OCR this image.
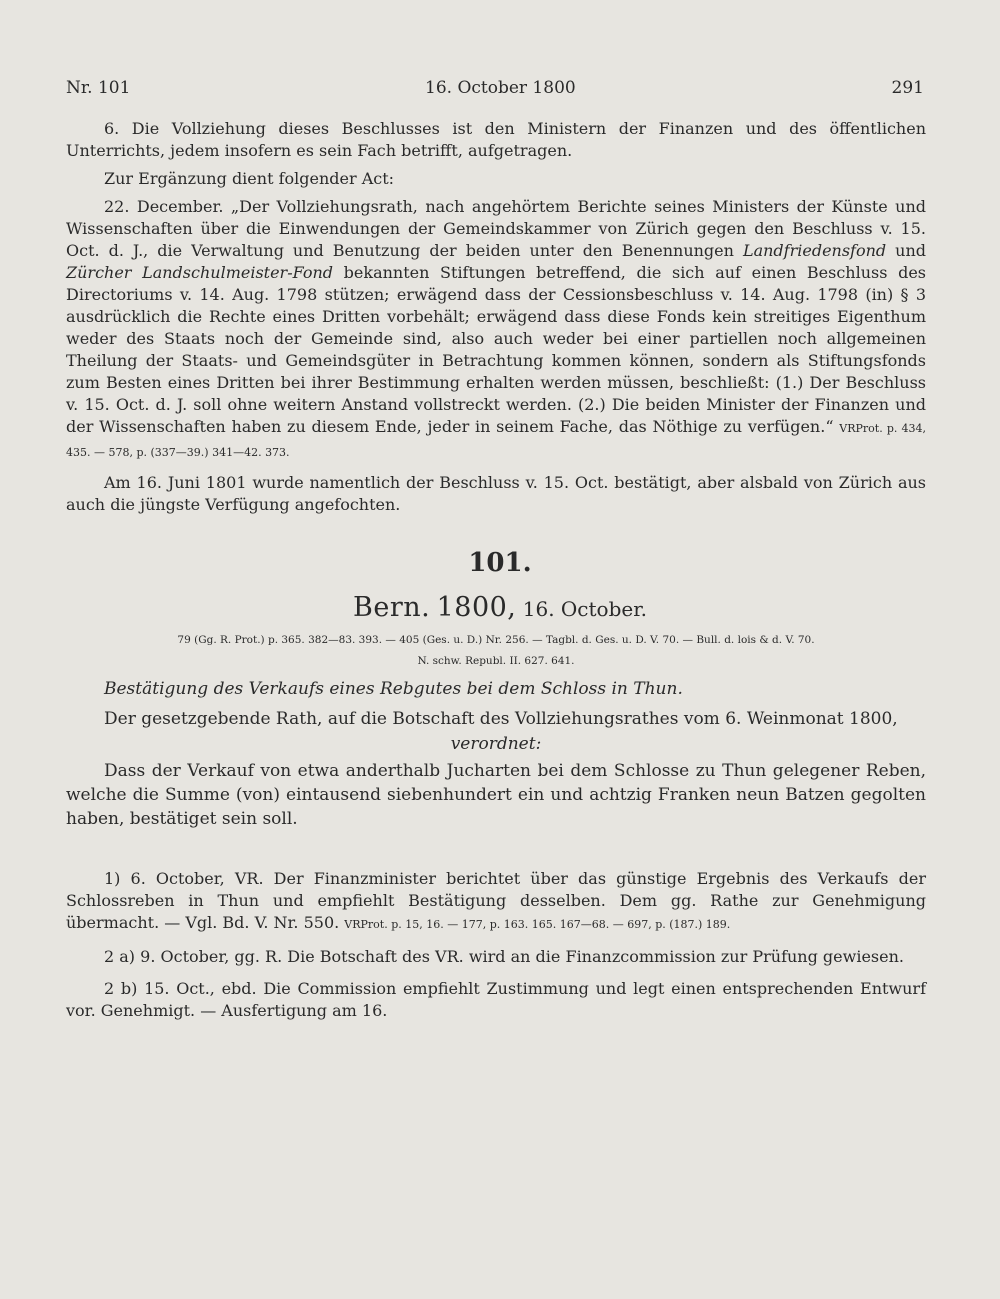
Nr. 101	16. October 1800	291

6. Die Vollziehung dieses Beschlusses ist den Ministern der Finanzen und des öffentlichen Unterrichts, jedem insofern es sein Fach betrifft, aufgetragen.

Zur Ergänzung dient folgender Act:

22. December. „Der Vollziehungsrath, nach angehörtem Berichte seines Ministers der Künste und Wissenschaften über die Einwendungen der Gemeindskammer von Zürich gegen den Beschluss v. 15. Oct. d. J., die Verwaltung und Benutzung der beiden unter den Benennungen Landfriedensfond und Zürcher Landschulmeister-Fond bekannten Stiftungen betreffend, die sich auf einen Beschluss des Directoriums v. 14. Aug. 1798 stützen; erwägend dass der Cessionsbeschluss v. 14. Aug. 1798 (in) § 3 ausdrücklich die Rechte eines Dritten vorbehält; erwägend dass diese Fonds kein streitiges Eigenthum weder des Staats noch der Gemeinde sind, also auch weder bei einer partiellen noch allgemeinen Theilung der Staats- und Gemeindsgüter in Betrachtung kommen können, sondern als Stiftungsfonds zum Besten eines Dritten bei ihrer Bestimmung erhalten werden müssen, beschließt: (1.) Der Beschluss v. 15. Oct. d. J. soll ohne weitern Anstand vollstreckt werden. (2.) Die beiden Minister der Finanzen und der Wissenschaften haben zu diesem Ende, jeder in seinem Fache, das Nöthige zu verfügen.“ VRProt. p. 434, 435. — 578, p. (337—39.) 341—42. 373.

Am 16. Juni 1801 wurde namentlich der Beschluss v. 15. Oct. bestätigt, aber alsbald von Zürich aus auch die jüngste Verfügung angefochten.

101.
Bern. 1800, 16. October.
79 (Gg. R. Prot.) p. 365. 382—83. 393. — 405 (Ges. u. D.) Nr. 256. — Tagbl. d. Ges. u. D. V. 70. — Bull. d. lois & d. V. 70.
N. schw. Republ. II. 627. 641.
Bestätigung des Verkaufs eines Rebgutes bei dem Schloss in Thun.

Der gesetzgebende Rath, auf die Botschaft des Vollziehungsrathes vom 6. Weinmonat 1800,

verordnet:

Dass der Verkauf von etwa anderthalb Jucharten bei dem Schlosse zu Thun gelegener Reben, welche die Summe (von) eintausend siebenhundert ein und achtzig Franken neun Batzen gegolten haben, bestätiget sein soll.

1) 6. October, VR. Der Finanzminister berichtet über das günstige Ergebnis des Verkaufs der Schlossreben in Thun und empfiehlt Bestätigung desselben. Dem gg. Rathe zur Genehmigung übermacht. — Vgl. Bd. V. Nr. 550. VRProt. p. 15, 16. — 177, p. 163. 165. 167—68. — 697, p. (187.) 189.

2 a) 9. October, gg. R. Die Botschaft des VR. wird an die Finanzcommission zur Prüfung gewiesen.

2 b) 15. Oct., ebd. Die Commission empfiehlt Zustimmung und legt einen entsprechenden Entwurf vor. Genehmigt. — Ausfertigung am 16.
